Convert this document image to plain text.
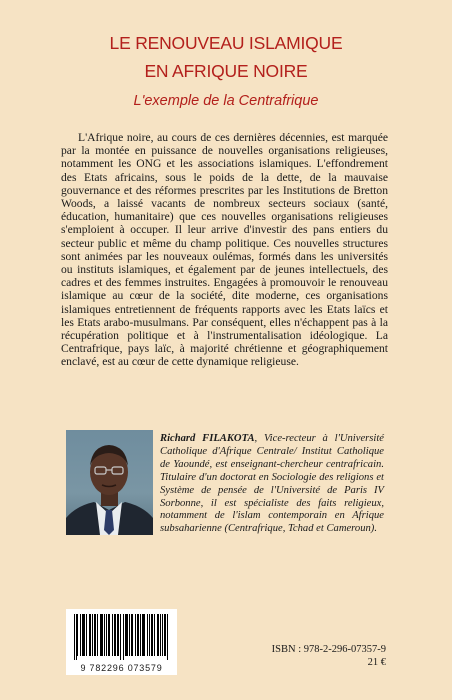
LE RENOUVEAU ISLAMIQUE
EN AFRIQUE NOIRE
L'exemple de la Centrafrique

L'Afrique noire, au cours de ces dernières décennies, est marquée par la montée en puissance de nouvelles organisations religieuses, notamment les ONG et les associations islamiques. L'effondrement des Etats africains, sous le poids de la dette, de la mauvaise gouvernance et des réformes prescrites par les Institutions de Bretton Woods, a laissé vacants de nombreux secteurs sociaux (santé, éducation, humanitaire) que ces nouvelles organisations religieuses s'emploient à occuper. Il leur arrive d'investir des pans entiers du secteur public et même du champ politique. Ces nouvelles structures sont animées par les nouveaux oulémas, formés dans les universités ou instituts islamiques, et également par de jeunes intellectuels, des cadres et des femmes instruites. Engagées à promouvoir le renouveau islamique au cœur de la société, dite moderne, ces organisations islamiques entretiennent de fréquents rapports avec les Etats laïcs et les Etats arabo-musulmans. Par conséquent, elles n'échappent pas à la récupération politique et à l'instrumentalisation idéologique. La Centrafrique, pays laïc, à majorité chrétienne et géographiquement enclavé, est au cœur de cette dynamique religieuse.

Richard FILAKOTA, Vice-recteur à l'Université Catholique d'Afrique Centrale/ Institut Catholique de Yaoundé, est enseignant-chercheur centrafricain. Titulaire d'un doctorat en Sociologie des religions et Système de pensée de l'Université de Paris IV Sorbonne, il est spécialiste des faits religieux, notamment de l'islam contemporain en Afrique subsaharienne (Centrafrique, Tchad et Cameroun).

9 782296 073579
ISBN : 978-2-296-07357-9
21 €
